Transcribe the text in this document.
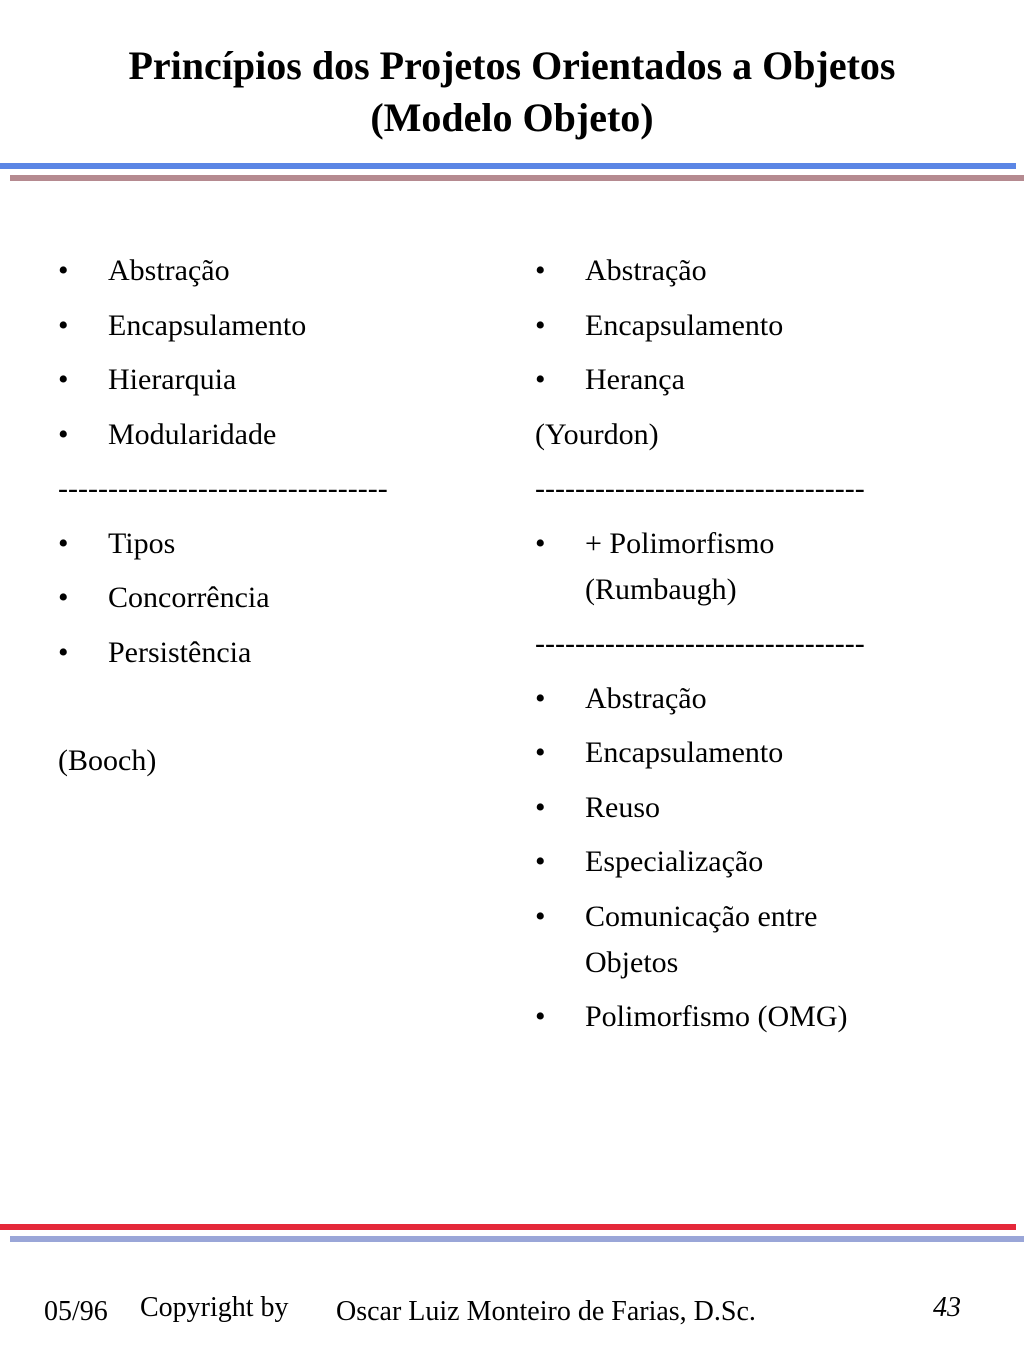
Princípios dos Projetos Orientados a Objetos
(Modelo Objeto)
• Abstração
• Encapsulamento
• Hierarquia
• Modularidade
---------------------------------
• Tipos
• Concorrência
• Persistência
(Booch)
• Abstração
• Encapsulamento
• Herança
(Yourdon)
---------------------------------
• + Polimorfismo (Rumbaugh)
---------------------------------
• Abstração
• Encapsulamento
• Reuso
• Especialização
• Comunicação entre Objetos
• Polimorfismo (OMG)
05/96 Copyright by Oscar Luiz Monteiro de Farias, D.Sc.	43
